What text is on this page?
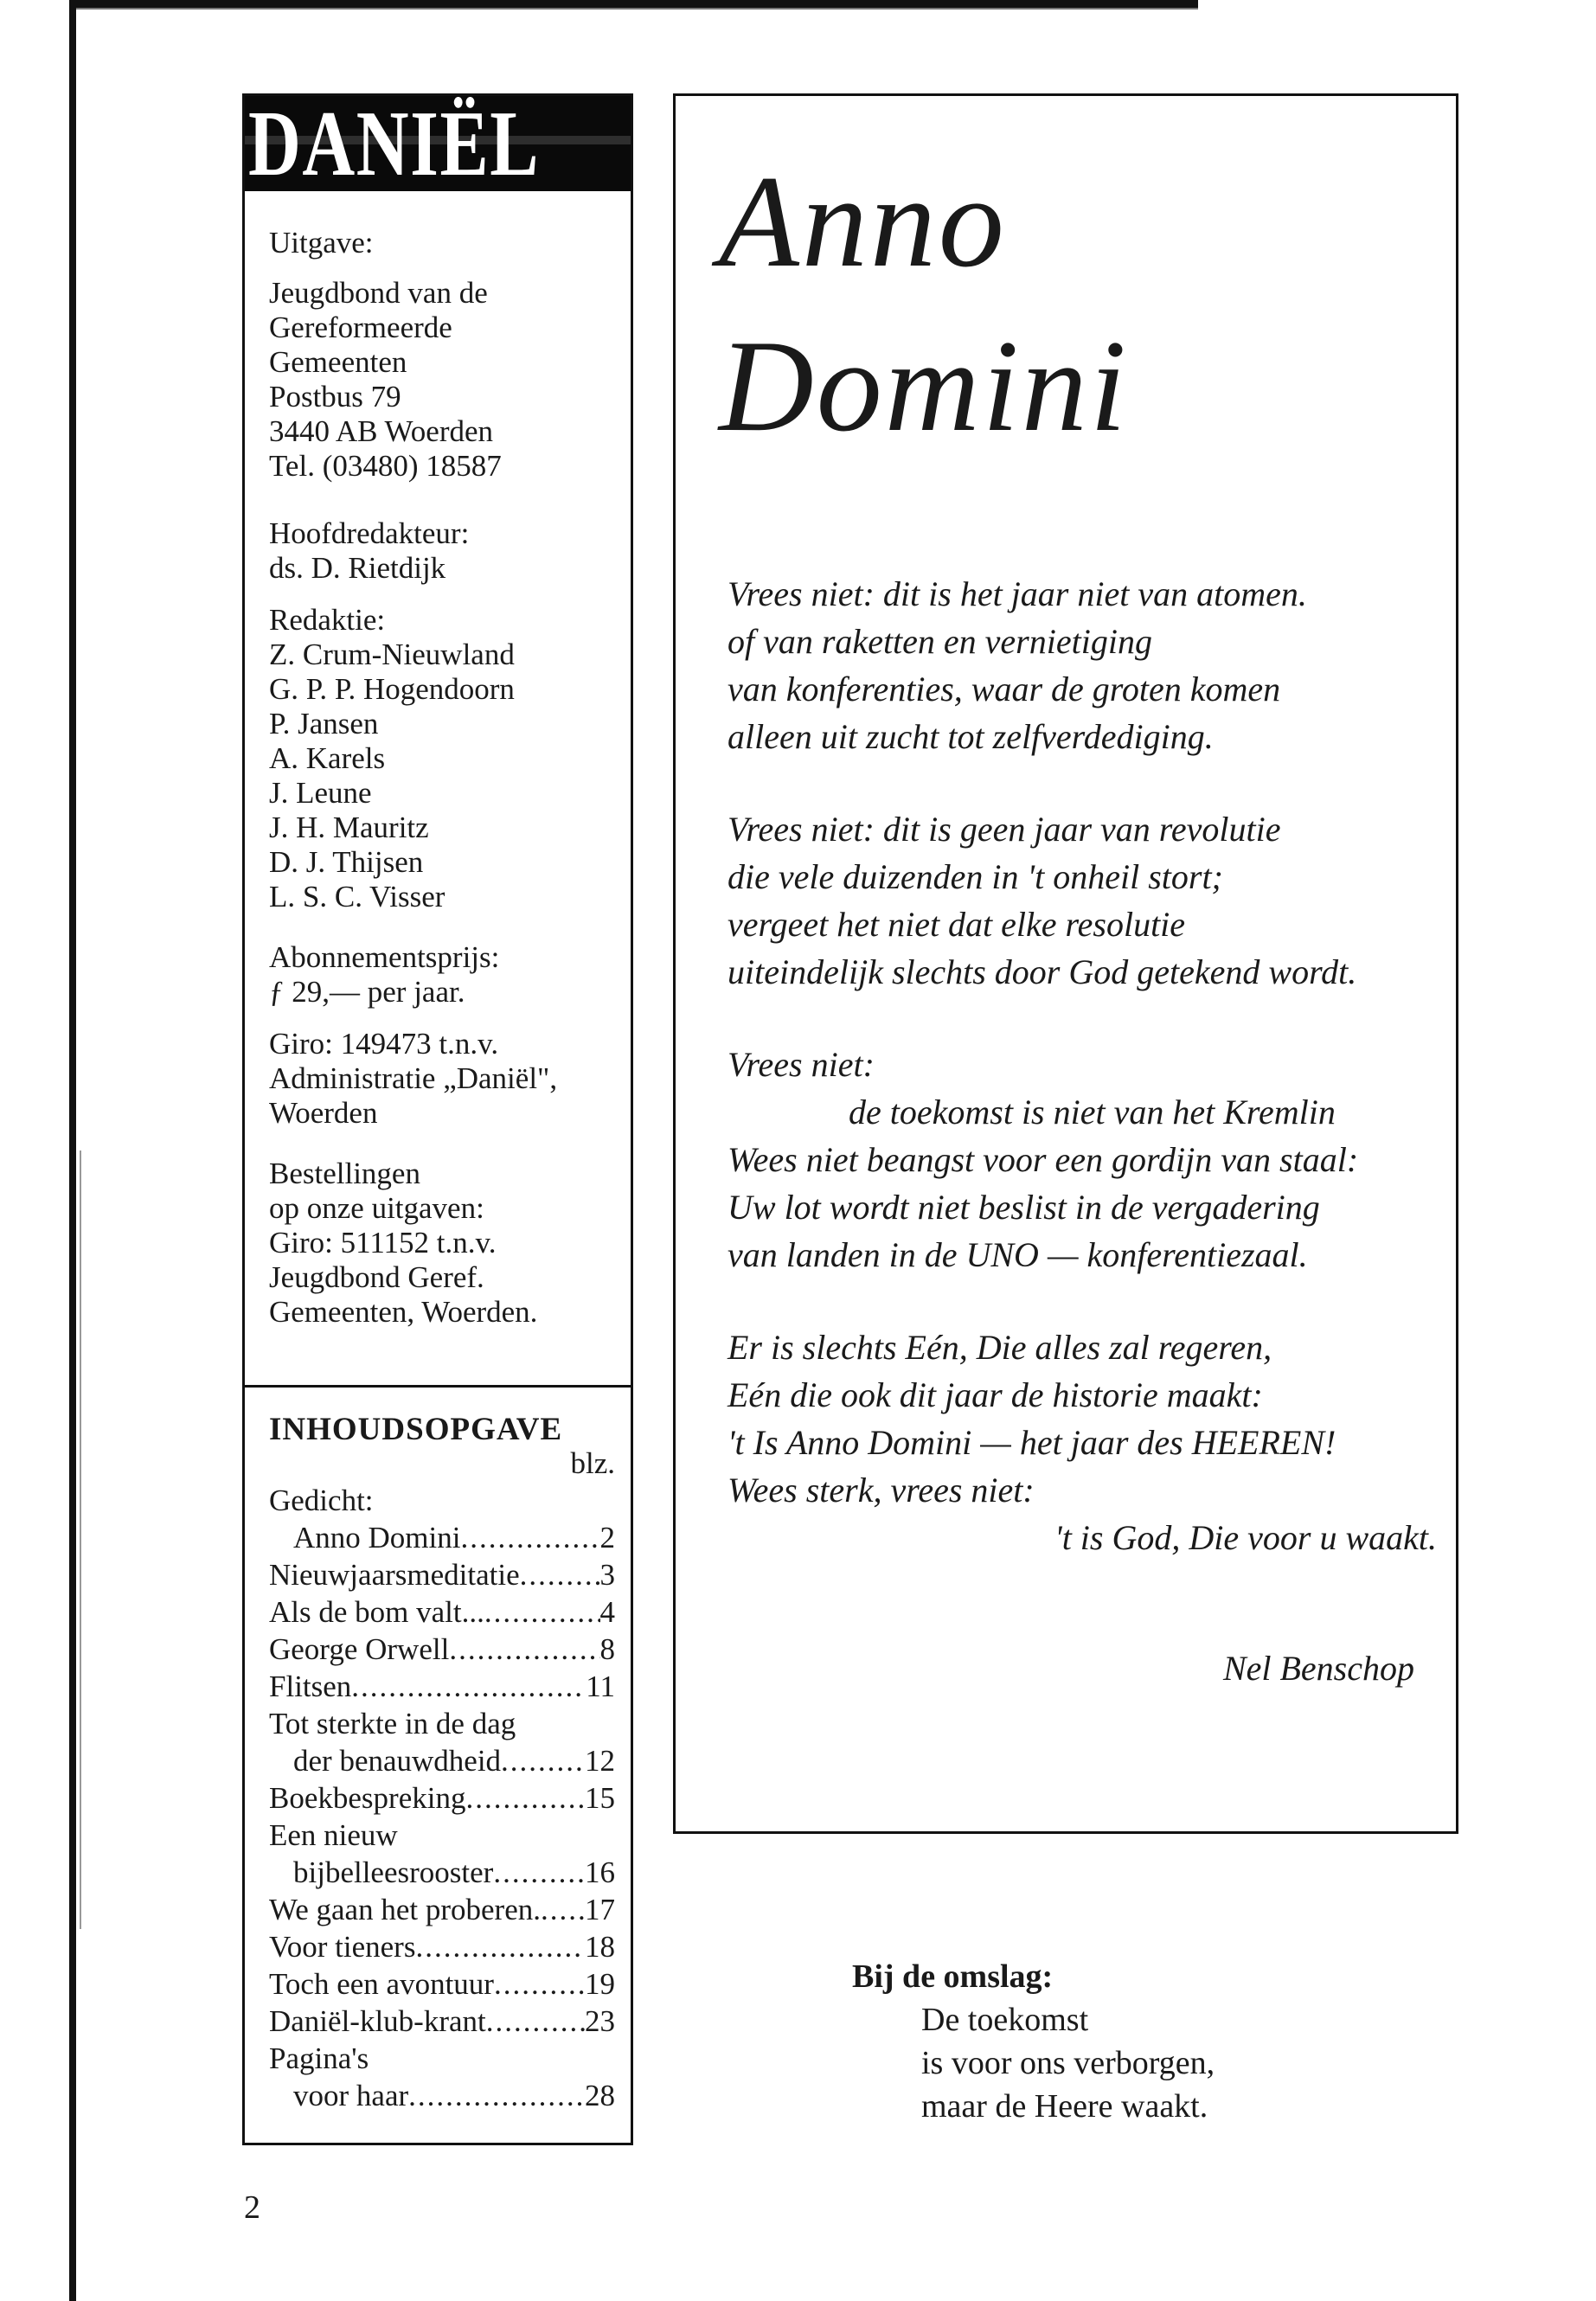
DANIËL
Uitgave:
Jeugdbond van de
Gereformeerde
Gemeenten
Postbus 79
3440 AB Woerden
Tel. (03480) 18587
Hoofdredakteur:
ds. D. Rietdijk
Redaktie:
Z. Crum-Nieuwland
G. P. P. Hogendoorn
P. Jansen
A. Karels
J. Leune
J. H. Mauritz
D. J. Thijsen
L. S. C. Visser
Abonnementsprijs:
ƒ 29,— per jaar.
Giro: 149473 t.n.v.
Administratie „Daniël",
Woerden
Bestellingen
op onze uitgaven:
Giro: 511152 t.n.v.
Jeugdbond Geref.
Gemeenten, Woerden.
INHOUDSOPGAVE
blz.
Gedicht:
Anno Domini .....	2
Nieuwjaarsmeditatie .....	3
Als de bom valt... .....	4
George Orwell .....	8
Flitsen .....	11
Tot sterkte in de dag
der benauwdheid .....	12
Boekbespreking .....	15
Een nieuw
bijbelleesrooster .....	16
We gaan het proberen. ..... 17
Voor tieners .....	18
Toch een avontuur .....	19
Daniël-klub-krant .....	23
Pagina's
voor haar .....	28
Anno
Domini
Vrees niet: dit is het jaar niet van atomen.
of van raketten en vernietiging
van konferenties, waar de groten komen
alleen uit zucht tot zelfverdediging.
Vrees niet: dit is geen jaar van revolutie
die vele duizenden in 't onheil stort;
vergeet het niet dat elke resolutie
uiteindelijk slechts door God getekend wordt.
Vrees niet:
de toekomst is niet van het Kremlin
Wees niet beangst voor een gordijn van staal:
Uw lot wordt niet beslist in de vergadering
van landen in de UNO — konferentiezaal.
Er is slechts Eén, Die alles zal regeren,
Eén die ook dit jaar de historie maakt:
't Is Anno Domini — het jaar des HEEREN!
Wees sterk, vrees niet:
't is God, Die voor u waakt.
Nel Benschop
Bij de omslag:
De toekomst
is voor ons verborgen,
maar de Heere waakt.
2
